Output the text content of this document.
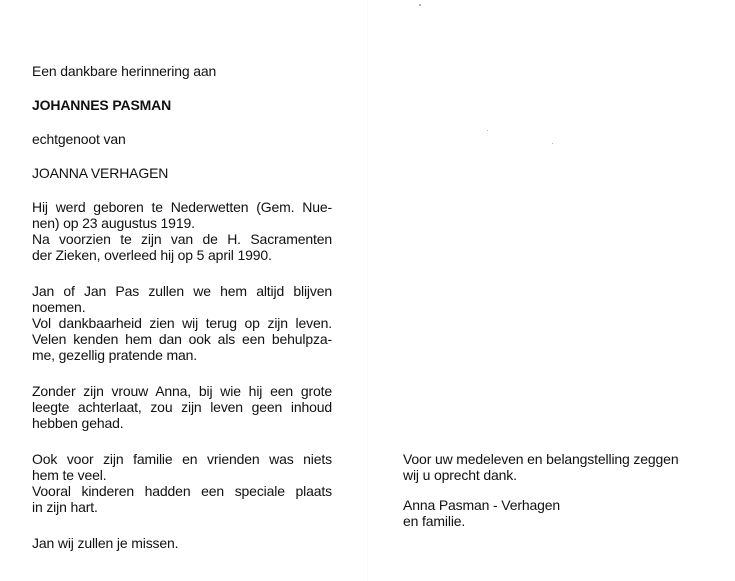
Een dankbare herinnering aan
JOHANNES PASMAN
echtgenoot van
JOANNA VERHAGEN
Hij werd geboren te Nederwetten (Gem. Nue-
nen) op 23 augustus 1919.
Na voorzien te zijn van de H. Sacramenten
der Zieken, overleed hij op 5 april 1990.
Jan of Jan Pas zullen we hem altijd blijven
noemen.
Vol dankbaarheid zien wij terug op zijn leven.
Velen kenden hem dan ook als een behulpza-
me, gezellig pratende man.
Zonder zijn vrouw Anna, bij wie hij een grote
leegte achterlaat, zou zijn leven geen inhoud
hebben gehad.
Ook voor zijn familie en vrienden was niets
hem te veel.
Vooral kinderen hadden een speciale plaats
in zijn hart.
Jan wij zullen je missen.
Voor uw medeleven en belangstelling zeggen
wij u oprecht dank.
Anna Pasman - Verhagen
en familie.
